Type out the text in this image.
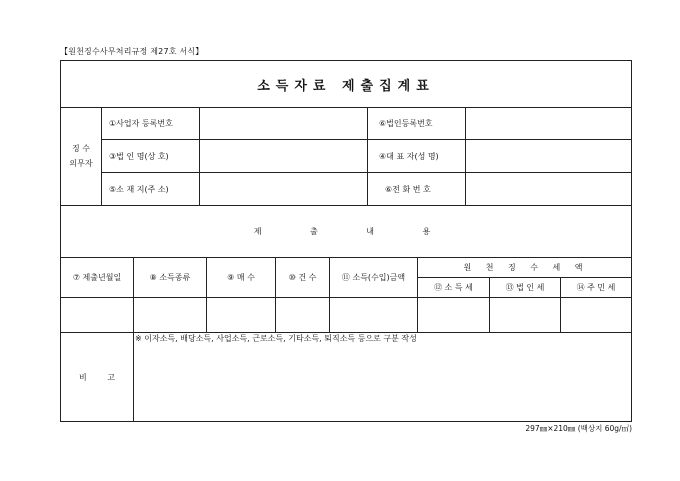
【원천징수사무처리규정 제27호 서식】
소득자료 제출집계표
징 수
의무자
①사업자 등록번호	⑥법인등록번호
③법 인 명(상 호)	④대 표 자(성 명)
⑤소 재 지(주 소)	⑥전 화 번 호
제 출 내 용
⑦ 제출년월일	⑧ 소득종류	⑨ 매 수	⑩ 건 수	⑪ 소득(수입)금액
원 천 징 수 세 액
⑫ 소 득 세	⑬ 법 인 세	⑭ 주 민 세
비 고
※ 이자소득, 배당소득, 사업소득, 근로소득, 기타소득, 퇴직소득 등으로 구분 작성
297㎜×210㎜ (백상지 60g/㎡)
